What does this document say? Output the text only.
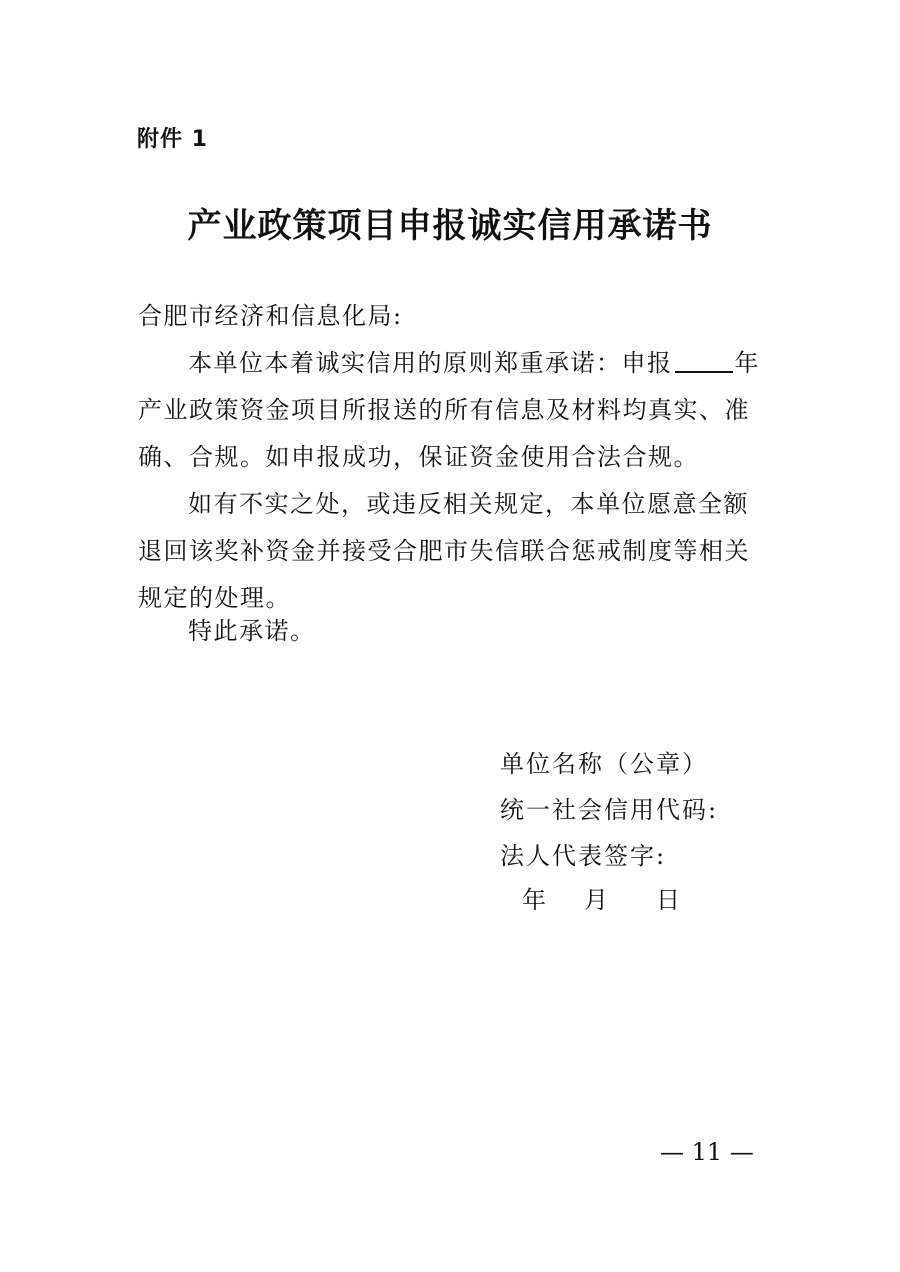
附件 1
产业政策项目申报诚实信用承诺书
合肥市经济和信息化局:
本单位本着诚实信用的原则郑重承诺：申报	年产业政策资金项目所报送的所有信息及材料均真实、准确、合规。如申报成功，保证资金使用合法合规。
如有不实之处，或违反相关规定，本单位愿意全额退回该奖补资金并接受合肥市失信联合惩戒制度等相关规定的处理。
特此承诺。
单位名称（公章）
统一社会信用代码:
法人代表签字:
年 月 日
— 11 —
